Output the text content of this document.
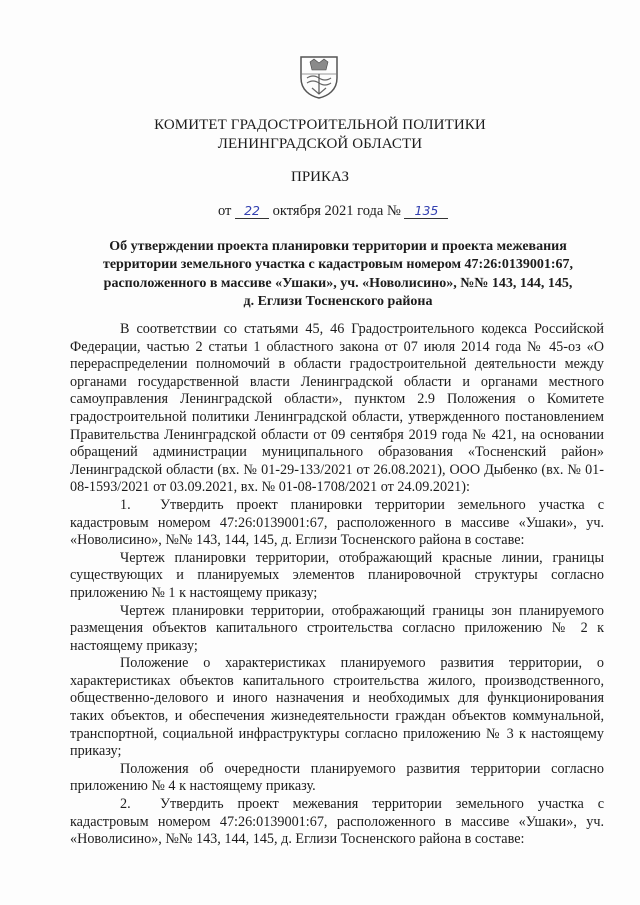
КОМИТЕТ ГРАДОСТРОИТЕЛЬНОЙ ПОЛИТИКИ
ЛЕНИНГРАДСКОЙ ОБЛАСТИ
ПРИКАЗ
от 22 октября 2021 года № 135
Об утверждении проекта планировки территории и проекта межевания
территории земельного участка с кадастровым номером 47:26:0139001:67,
расположенного в массиве «Ушаки», уч. «Новолисино», №№ 143, 144, 145,
д. Еглизи Тосненского района

В соответствии со статьями 45, 46 Градостроительного кодекса Российской Федерации, частью 2 статьи 1 областного закона от 07 июля 2014 года № 45-оз «О перераспределении полномочий в области градостроительной деятельности между органами государственной власти Ленинградской области и органами местного самоуправления Ленинградской области», пунктом 2.9 Положения о Комитете градостроительной политики Ленинградской области, утвержденного постановлением Правительства Ленинградской области от 09 сентября 2019 года № 421, на основании обращений администрации муниципального образования «Тосненский район» Ленинградской области (вх. № 01-29-133/2021 от 26.08.2021), ООО Дыбенко (вх. № 01-08-1593/2021 от 03.09.2021, вх. № 01-08-1708/2021 от 24.09.2021):

1. Утвердить проект планировки территории земельного участка с кадастровым номером 47:26:0139001:67, расположенного в массиве «Ушаки», уч. «Новолисино», №№ 143, 144, 145, д. Еглизи Тосненского района в составе:

Чертеж планировки территории, отображающий красные линии, границы существующих и планируемых элементов планировочной структуры согласно приложению № 1 к настоящему приказу;

Чертеж планировки территории, отображающий границы зон планируемого размещения объектов капитального строительства согласно приложению № 2 к настоящему приказу;

Положение о характеристиках планируемого развития территории, о характеристиках объектов капитального строительства жилого, производственного, общественно-делового и иного назначения и необходимых для функционирования таких объектов, и обеспечения жизнедеятельности граждан объектов коммунальной, транспортной, социальной инфраструктуры согласно приложению № 3 к настоящему приказу;

Положения об очередности планируемого развития территории согласно приложению № 4 к настоящему приказу.

2. Утвердить проект межевания территории земельного участка с кадастровым номером 47:26:0139001:67, расположенного в массиве «Ушаки», уч. «Новолисино», №№ 143, 144, 145, д. Еглизи Тосненского района в составе:
